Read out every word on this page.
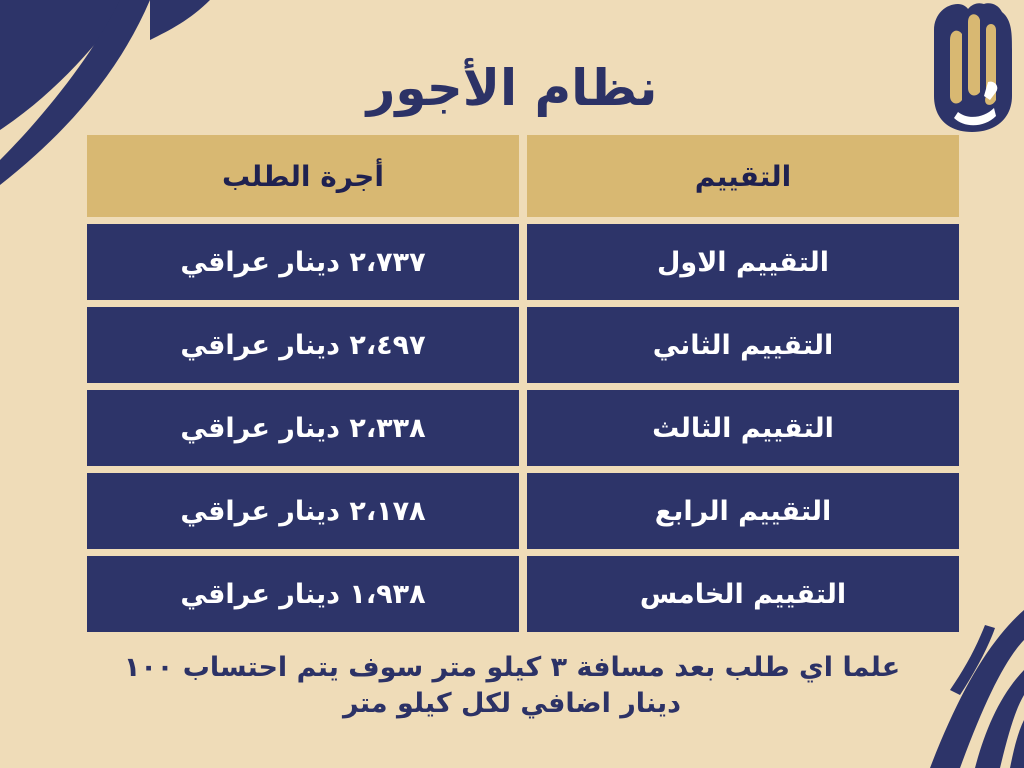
نظام الأجور
التقييم
أجرة الطلب
التقييم الاول
٢،٧٣٧ دينار عراقي
التقييم الثاني
٢،٤٩٧ دينار عراقي
التقييم الثالث
٢،٣٣٨ دينار عراقي
التقييم الرابع
٢،١٧٨ دينار عراقي
التقييم الخامس
١،٩٣٨ دينار عراقي
علما اي طلب بعد مسافة ٣ كيلو متر سوف يتم احتساب ١٠٠
دينار اضافي لكل كيلو متر
